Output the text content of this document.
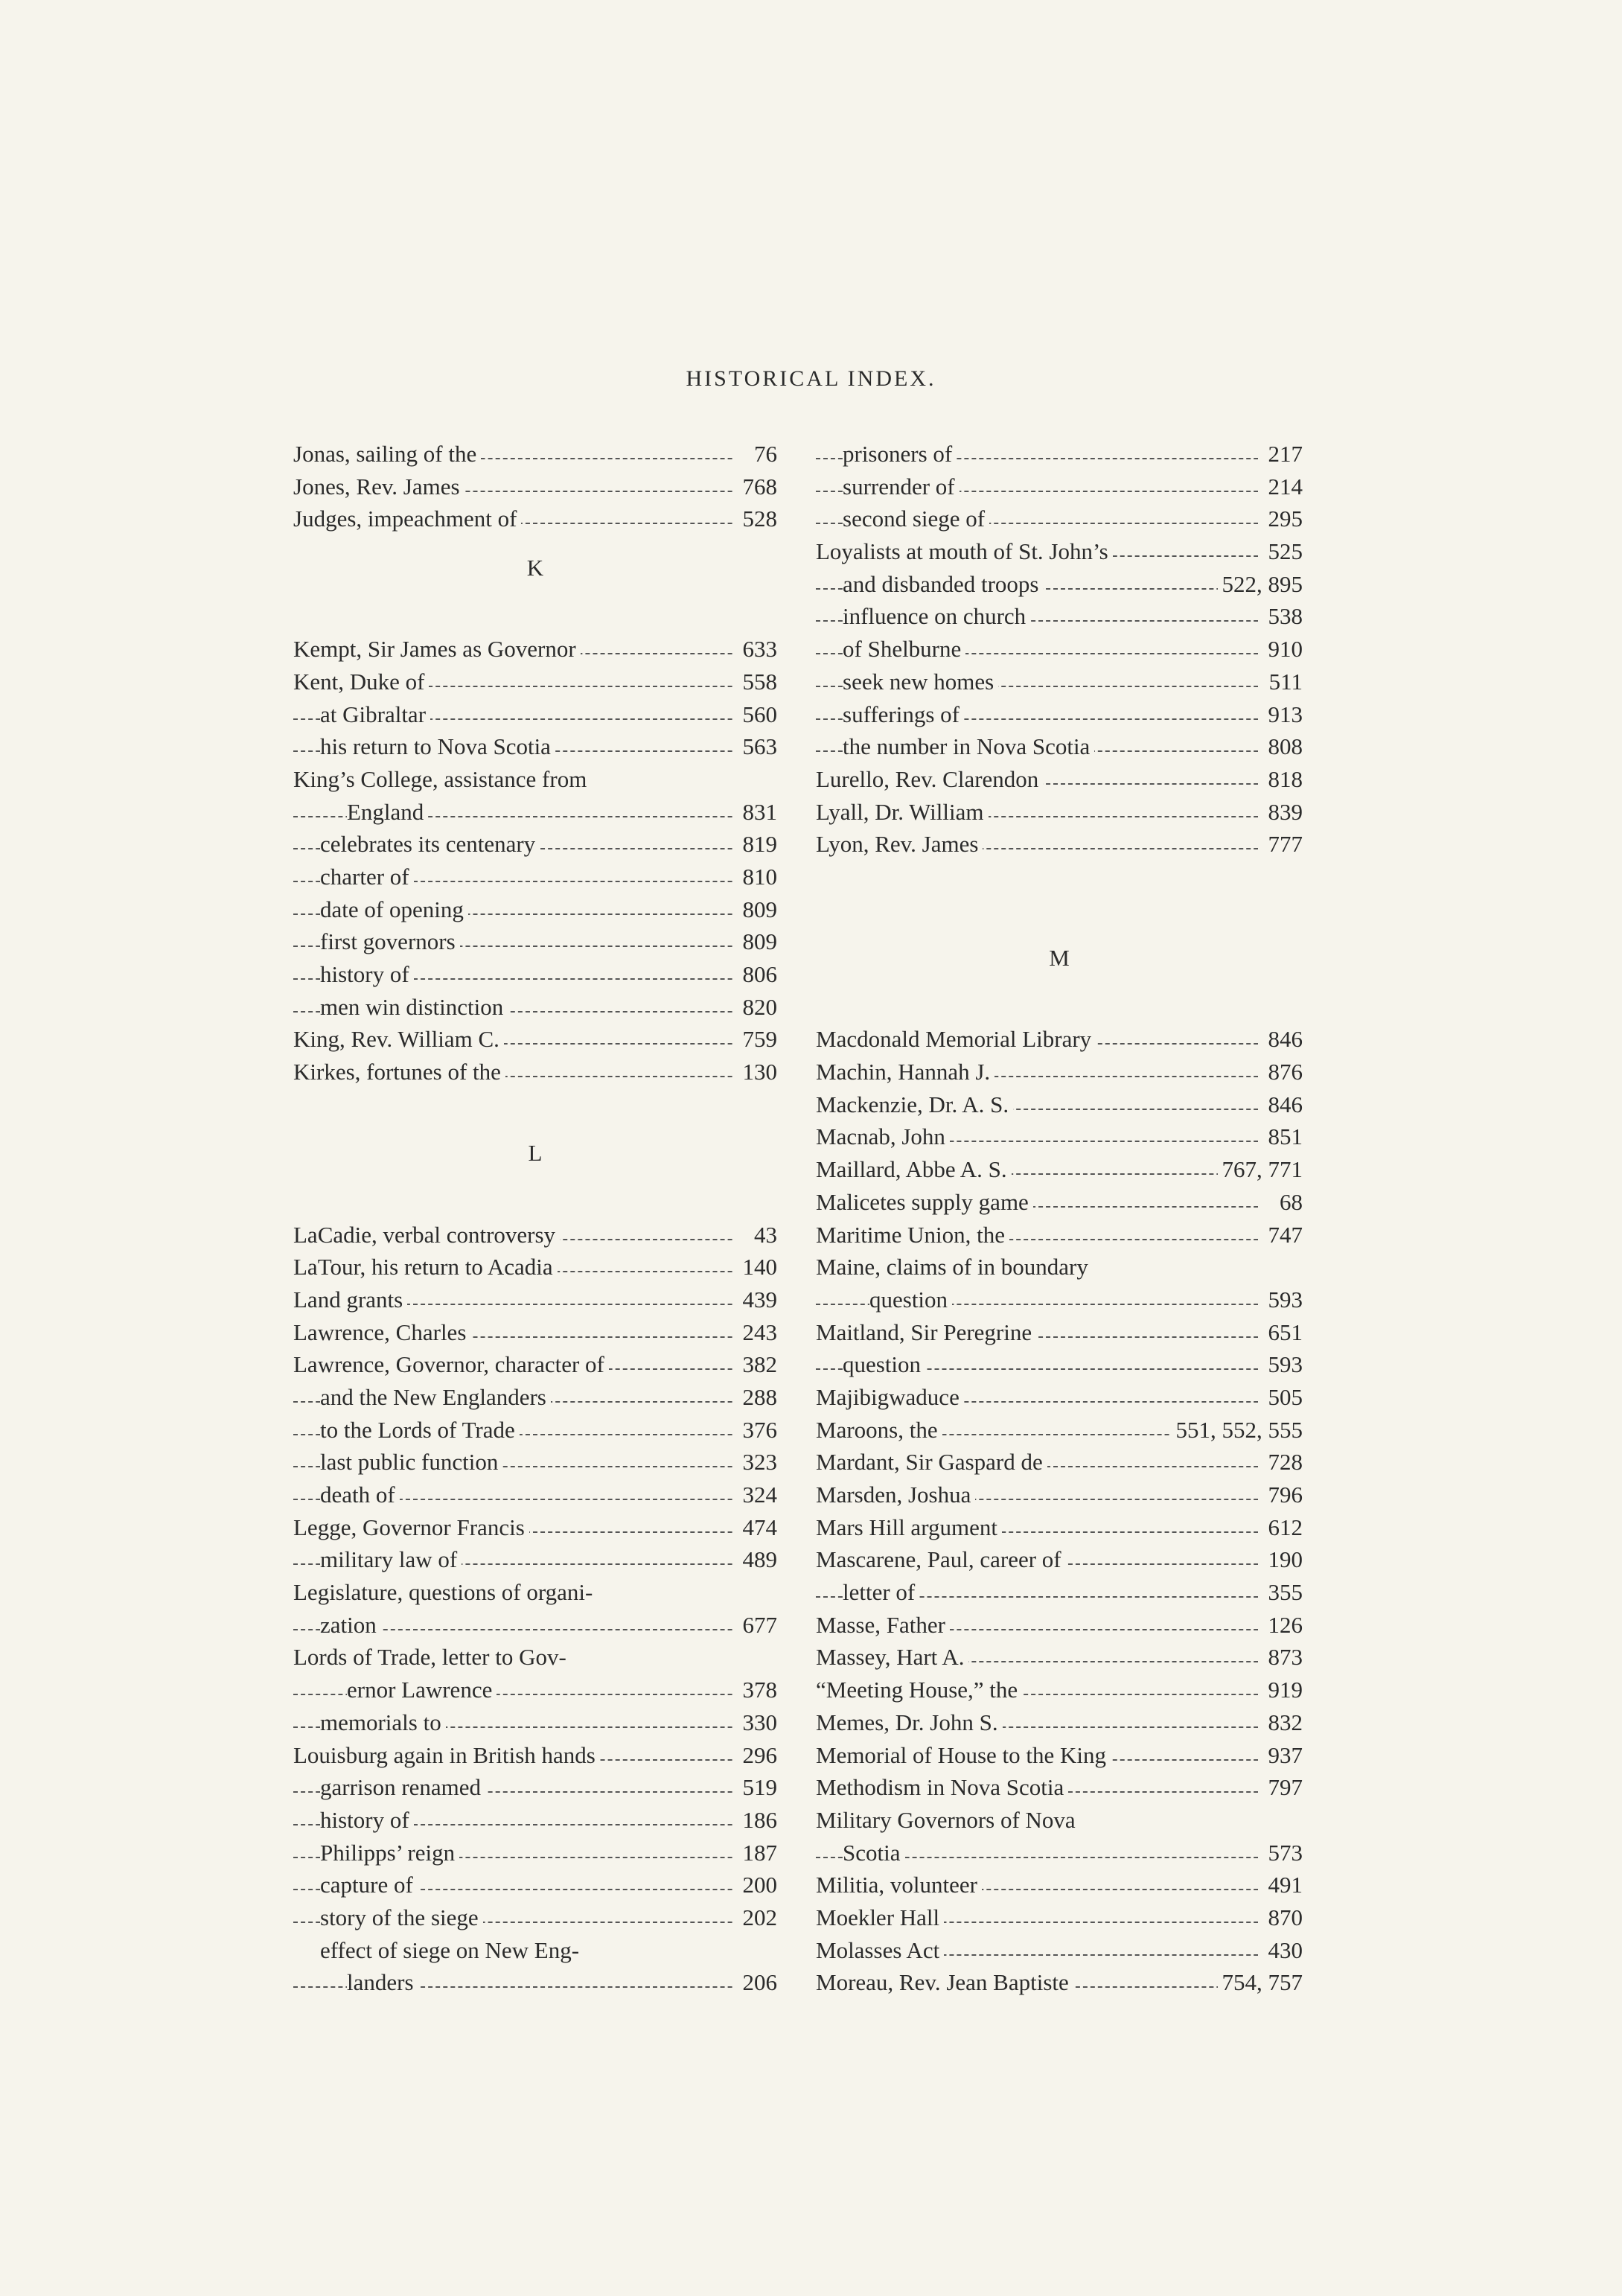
HISTORICAL INDEX.
Jonas, sailing of the	76
Jones, Rev. James	768
Judges, impeachment of	528
K
Kempt, Sir James as Governor	633
Kent, Duke of	558
at Gibraltar	560
his return to Nova Scotia	563
King’s College, assistance from
England	831
celebrates its centenary	819
charter of	810
date of opening	809
first governors	809
history of	806
men win distinction	820
King, Rev. William C.	759
Kirkes, fortunes of the	130
L
LaCadie, verbal controversy	43
LaTour, his return to Acadia	140
Land grants	439
Lawrence, Charles	243
Lawrence, Governor, character of	382
and the New Englanders	288
to the Lords of Trade	376
last public function	323
death of	324
Legge, Governor Francis	474
military law of	489
Legislature, questions of organi-
zation	677
Lords of Trade, letter to Gov-
ernor Lawrence	378
memorials to	330
Louisburg again in British hands	296
garrison renamed	519
history of	186
Philipps’ reign	187
capture of	200
story of the siege	202
effect of siege on New Eng-
landers	206
prisoners of	217
surrender of	214
second siege of	295
Loyalists at mouth of St. John’s	525
and disbanded troops	522, 895
influence on church	538
of Shelburne	910
seek new homes	511
sufferings of	913
the number in Nova Scotia	808
Lurello, Rev. Clarendon	818
Lyall, Dr. William	839
Lyon, Rev. James	777
M
Macdonald Memorial Library	846
Machin, Hannah J.	876
Mackenzie, Dr. A. S.	846
Macnab, John	851
Maillard, Abbe A. S.	767, 771
Malicetes supply game	68
Maritime Union, the	747
Maine, claims of in boundary
question	593
Maitland, Sir Peregrine	651
question	593
Majibigwaduce	505
Maroons, the	551, 552, 555
Mardant, Sir Gaspard de	728
Marsden, Joshua	796
Mars Hill argument	612
Mascarene, Paul, career of	190
letter of	355
Masse, Father	126
Massey, Hart A.	873
“Meeting House,” the	919
Memes, Dr. John S.	832
Memorial of House to the King	937
Methodism in Nova Scotia	797
Military Governors of Nova
Scotia	573
Militia, volunteer	491
Moekler Hall	870
Molasses Act	430
Moreau, Rev. Jean Baptiste	754, 757
